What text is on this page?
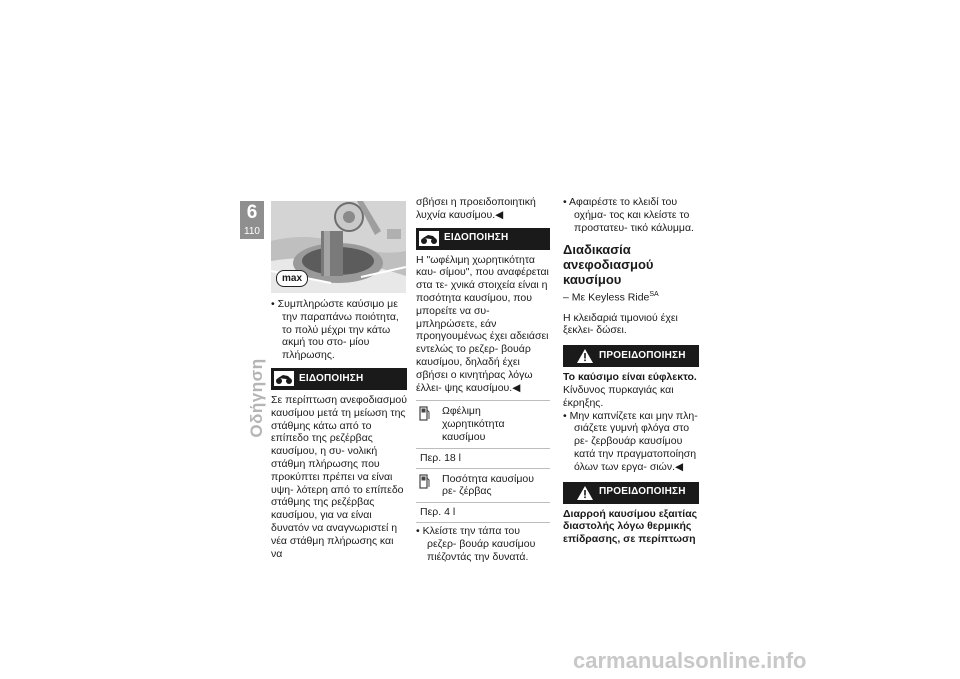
6
110
Οδήγηση
max

• Συμπληρώστε καύσιμο με την παραπάνω ποιότητα, το πολύ μέχρι την κάτω ακμή του στο- μίου πλήρωσης.

ΕΙΔΟΠΟΙΗΣΗ

Σε περίπτωση ανεφοδιασμού καυσίμου μετά τη μείωση της στάθμης κάτω από το επίπεδο της ρεζέρβας καυσίμου, η συ- νολική στάθμη πλήρωσης που προκύπτει πρέπει να είναι υψη- λότερη από το επίπεδο στάθμης της ρεζέρβας καυσίμου, για να είναι δυνατόν να αναγνωριστεί η νέα στάθμη πλήρωσης και να

σβήσει η προειδοποιητική λυχνία καυσίμου.◀

ΕΙΔΟΠΟΙΗΣΗ

Η "ωφέλιμη χωρητικότητα καυ- σίμου", που αναφέρεται στα τε- χνικά στοιχεία είναι η ποσότητα καυσίμου, που μπορείτε να συ- μπληρώσετε, εάν προηγουμένως έχει αδειάσει εντελώς το ρεζερ- βουάρ καυσίμου, δηλαδή έχει σβήσει ο κινητήρας λόγω έλλει- ψης καυσίμου.◀

Ωφέλιμη χωρητικότητα καυσίμου
Περ. 18 l
Ποσότητα καυσίμου ρε- ζέρβας
Περ. 4 l

• Κλείστε την τάπα του ρεζερ- βουάρ καυσίμου πιέζοντάς την δυνατά.

• Αφαιρέστε το κλειδί του οχήμα- τος και κλείστε το προστατευ- τικό κάλυμμα.

Διαδικασία ανεφοδιασμού καυσίμου

– Με Keyless Ride$^{SA}$

Η κλειδαριά τιμονιού έχει ξεκλει- δώσει.

ΠΡΟΕΙΔΟΠΟΙΗΣΗ

Το καύσιμο είναι εύφλεκτο.

Κίνδυνος πυρκαγιάς και έκρηξης.

• Μην καπνίζετε και μην πλη- σιάζετε γυμνή φλόγα στο ρε- ζερβουάρ καυσίμου κατά την πραγματοποίηση όλων των εργα- σιών.◀

ΠΡΟΕΙΔΟΠΟΙΗΣΗ

Διαρροή καυσίμου εξαιτίας διαστολής λόγω θερμικής επίδρασης, σε περίπτωση

carmanualsonline.info
